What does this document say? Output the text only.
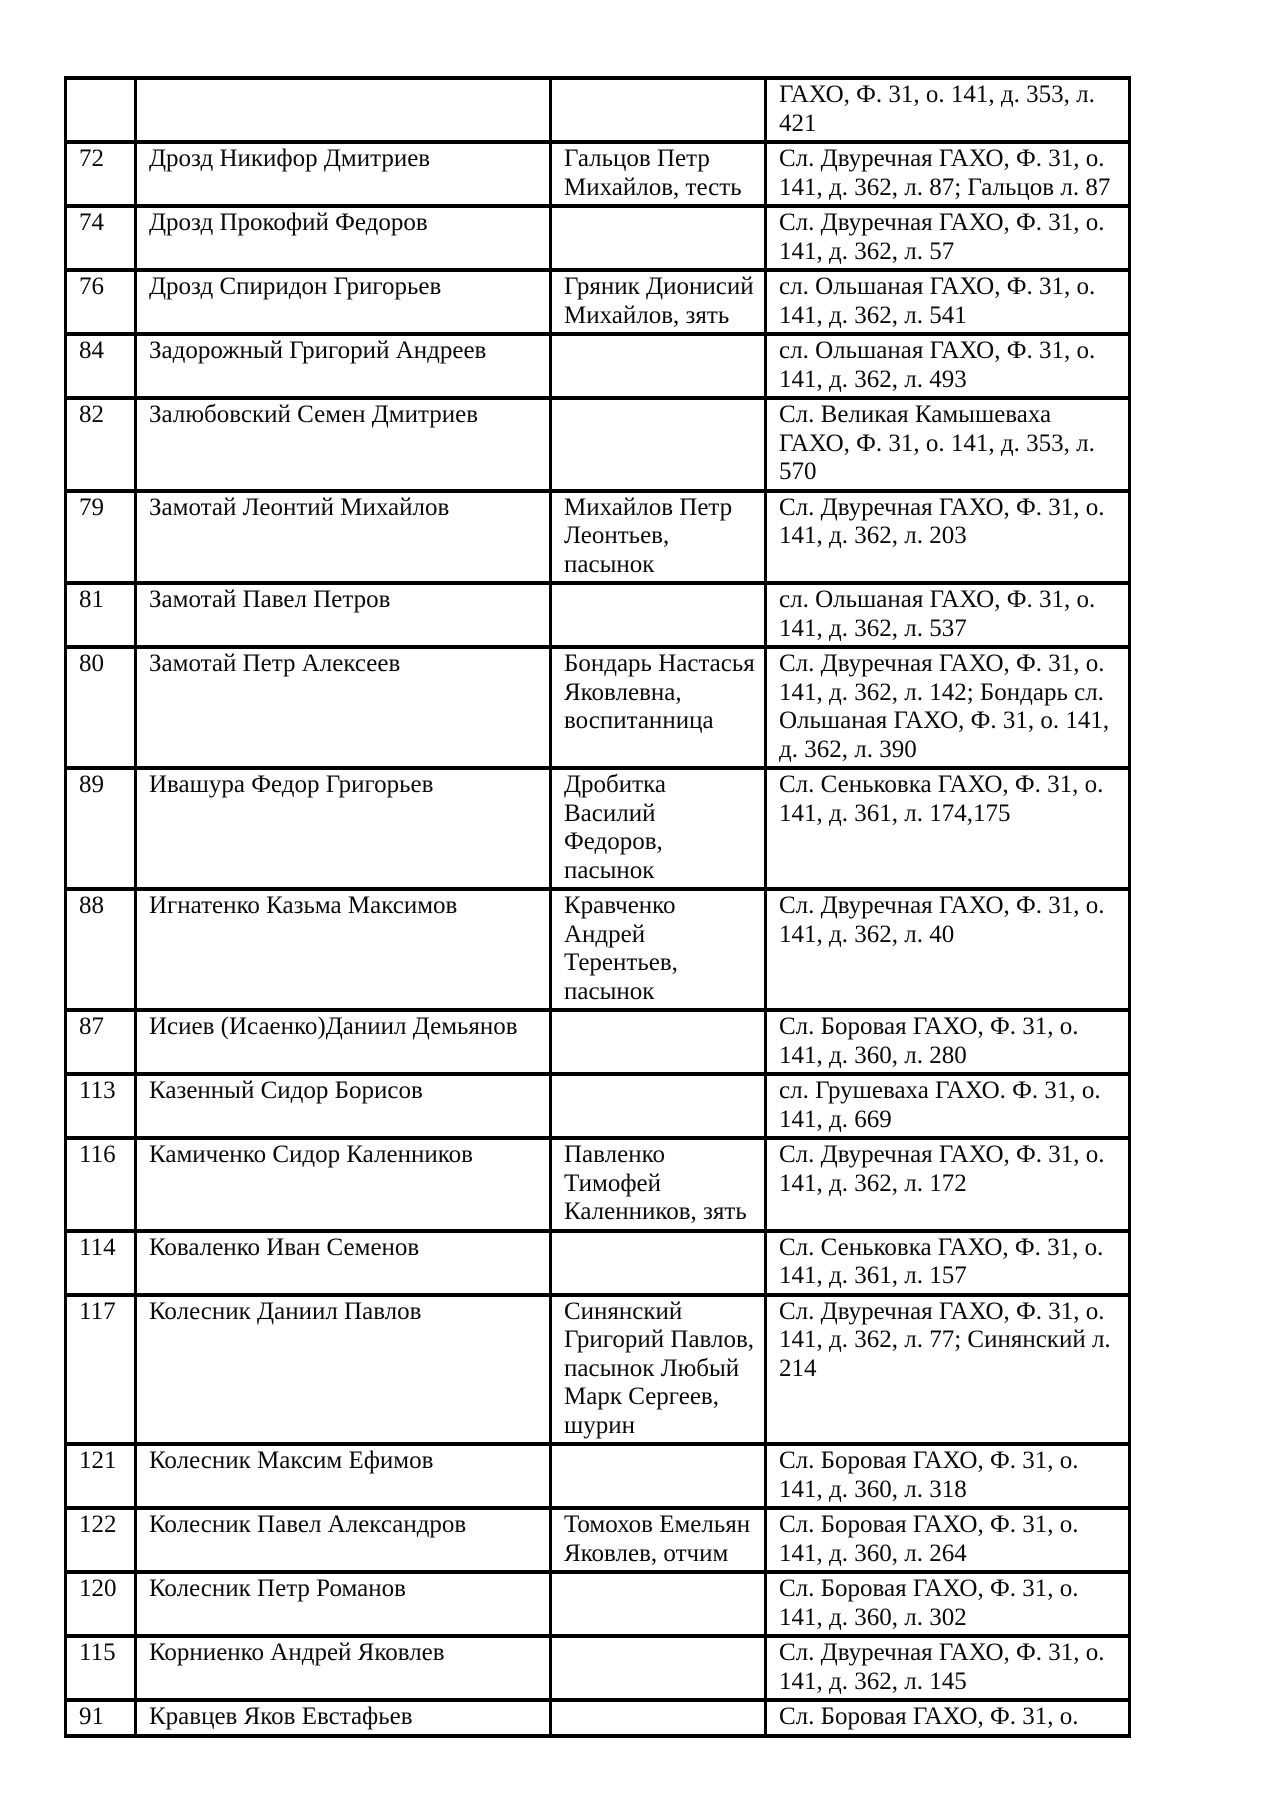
			ГАХО, Ф. 31, о. 141, д. 353, л. 421
72	Дрозд Никифор Дмитриев	Гальцов Петр Михайлов, тесть	Сл. Двуречная ГАХО, Ф. 31, о. 141, д. 362, л. 87; Гальцов л. 87
74	Дрозд Прокофий Федоров		Сл. Двуречная ГАХО, Ф. 31, о. 141, д. 362, л. 57
76	Дрозд Спиридон Григорьев	Гряник Дионисий Михайлов, зять	сл. Ольшаная ГАХО, Ф. 31, о. 141, д. 362, л. 541
84	Задорожный Григорий Андреев		сл. Ольшаная ГАХО, Ф. 31, о. 141, д. 362, л. 493
82	Залюбовский Семен Дмитриев		Сл. Великая Камышеваха ГАХО, Ф. 31, о. 141, д. 353, л. 570
79	Замотай Леонтий Михайлов	Михайлов Петр Леонтьев, пасынок	Сл. Двуречная ГАХО, Ф. 31, о. 141, д. 362, л. 203
81	Замотай Павел Петров		сл. Ольшаная ГАХО, Ф. 31, о. 141, д. 362, л. 537
80	Замотай Петр Алексеев	Бондарь Настасья Яковлевна, воспитанница	Сл. Двуречная ГАХО, Ф. 31, о. 141, д. 362, л. 142; Бондарь сл. Ольшаная ГАХО, Ф. 31, о. 141, д. 362, л. 390
89	Ивашура Федор Григорьев	Дробитка Василий Федоров, пасынок	Сл. Сеньковка ГАХО, Ф. 31, о. 141, д. 361, л. 174,175
88	Игнатенко Казьма Максимов	Кравченко Андрей Терентьев, пасынок	Сл. Двуречная ГАХО, Ф. 31, о. 141, д. 362, л. 40
87	Исиев (Исаенко)Даниил Демьянов		Сл. Боровая ГАХО, Ф. 31, о. 141, д. 360, л. 280
113	Казенный Сидор Борисов		сл. Грушеваха ГАХО. Ф. 31, о. 141, д. 669
116	Камиченко Сидор Каленников	Павленко Тимофей Каленников, зять	Сл. Двуречная ГАХО, Ф. 31, о. 141, д. 362, л. 172
114	Коваленко Иван Семенов		Сл. Сеньковка ГАХО, Ф. 31, о. 141, д. 361, л. 157
117	Колесник Даниил Павлов	Синянский Григорий Павлов, пасынок Любый Марк Сергеев, шурин	Сл. Двуречная ГАХО, Ф. 31, о. 141, д. 362, л. 77; Синянский л. 214
121	Колесник Максим Ефимов		Сл. Боровая ГАХО, Ф. 31, о. 141, д. 360, л. 318
122	Колесник Павел Александров	Томохов Емельян Яковлев, отчим	Сл. Боровая ГАХО, Ф. 31, о. 141, д. 360, л. 264
120	Колесник Петр Романов		Сл. Боровая ГАХО, Ф. 31, о. 141, д. 360, л. 302
115	Корниенко Андрей Яковлев		Сл. Двуречная ГАХО, Ф. 31, о. 141, д. 362, л. 145
91	Кравцев Яков Евстафьев		Сл. Боровая ГАХО, Ф. 31, о.
